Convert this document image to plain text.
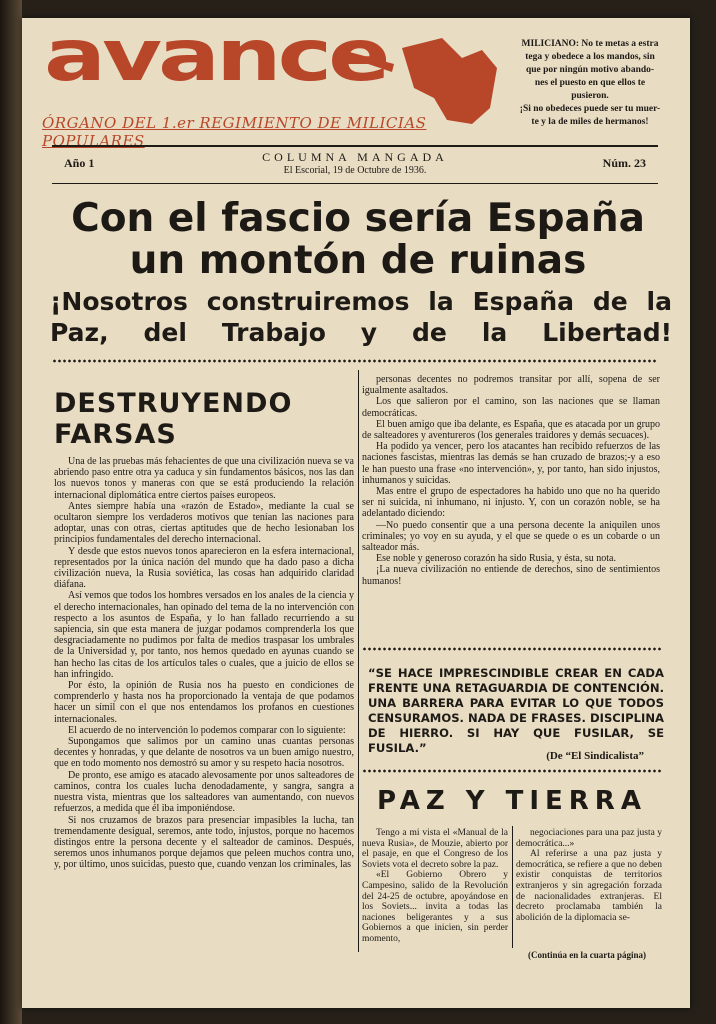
avance
ÓRGANO DEL 1.er REGIMIENTO DE MILICIAS POPULARES
MILICIANO: No te metas a estra
tega y obedece a los mandos, sin
que por ningún motivo abando-
nes el puesto en que ellos te
pusieron.
¡Si no obedeces puede ser tu muer-
te y la de miles de hermanos!
Año 1	COLUMNA MANGADA
El Escorial, 19 de Octubre de 1936.
Núm. 23
Con el fascio sería España
un montón de ruinas
¡Nosotros construiremos la España de la Paz, del Trabajo y de la Libertad!
DESTRUYENDO FARSAS

Una de las pruebas más fehacientes de que una civilización nueva se va abriendo paso entre otra ya caduca y sin fundamentos básicos, nos las dan los nuevos tonos y maneras con que se está produciendo la relación internacional diplomática entre ciertos países europeos.

Antes siempre había una «razón de Estado», mediante la cual se ocultaron siempre los verdaderos motivos que tenían las naciones para adoptar, unas con otras, ciertas aptitudes que de hecho lesionaban los principios fundamentales del derecho internacional.

Y desde que estos nuevos tonos aparecieron en la esfera internacional, representados por la única nación del mundo que ha dado paso a dicha civilización nueva, la Rusia soviética, las cosas han adquirido claridad diáfana.

Así vemos que todos los hombres versados en los anales de la ciencia y el derecho internacionales, han opinado del tema de la no intervención con respecto a los asuntos de España, y lo han fallado recurriendo a su sapiencia, sin que esta manera de juzgar podamos comprenderla los que desgraciadamente no pudimos por falta de medios traspasar los umbrales de la Universidad y, por tanto, nos hemos quedado en ayunas cuando se han hecho las citas de los artículos tales o cuales, que a juicio de ellos se han infringido.

Por ésto, la opinión de Rusia nos ha puesto en condiciones de comprenderlo y hasta nos ha proporcionado la ventaja de que podamos hacer un símil con el que nos entendamos los profanos en cuestiones internacionales.

El acuerdo de no intervención lo podemos comparar con lo siguiente:

Supongamos que salimos por un camino unas cuantas personas decentes y honradas, y que delante de nosotros va un buen amigo nuestro, que en todo momento nos demostró su amor y su respeto hacia nosotros.

De pronto, ese amigo es atacado alevosamente por unos salteadores de caminos, contra los cuales lucha denodadamente, y sangra, sangra a nuestra vista, mientras que los salteadores van aumentando, con nuevos refuerzos, a medida que él iba imponiéndose.

Si nos cruzamos de brazos para presenciar impasibles la lucha, tan tremendamente desigual, seremos, ante todo, injustos, porque no hacemos distingos entre la persona decente y el salteador de caminos. Después, seremos unos inhumanos porque dejamos que peleen muchos contra uno, y, por último, unos suicidas, puesto que, cuando venzan los criminales, las

personas decentes no podremos transitar por allí, sopena de ser igualmente asaltados.

Los que salieron por el camino, son las naciones que se llaman democráticas.

El buen amigo que iba delante, es España, que es atacada por un grupo de salteadores y aventureros (los generales traidores y demás secuaces).

Ha podido ya vencer, pero los atacantes han recibido refuerzos de las naciones fascistas, mientras las demás se han cruzado de brazos;-y a eso le han puesto una frase «no intervención», y, por tanto, han sido injustos, inhumanos y suicidas.

Mas entre el grupo de espectadores ha habido uno que no ha querido ser ni suicida, ni inhumano, ni injusto. Y, con un corazón noble, se ha adelantado diciendo:

—No puedo consentir que a una persona decente la aniquilen unos criminales; yo voy en su ayuda, y el que se quede o es un cobarde o un salteador más.

Ese noble y generoso corazón ha sido Rusia, y ésta, su nota.

¡La nueva civilización no entiende de derechos, sino de sentimientos humanos!

“SE HACE IMPRESCINDIBLE CREAR EN CADA FRENTE UNA RETAGUARDIA DE CONTENCIÓN. UNA BARRERA PARA EVITAR LO QUE TODOS CENSURAMOS. NADA DE FRASES. DISCIPLINA DE HIERRO. SI HAY QUE FUSILAR, SE FUSILA.”
(De “El Sindicalista”
PAZ Y TIERRA

Tengo a mi vista el «Manual de la nueva Rusia», de Mouzie, abierto por el pasaje, en que el Congreso de los Soviets vota el decreto sobre la paz.

«El Gobierno Obrero y Campesino, salido de la Revolución del 24-25 de octubre, apoyándose en los Soviets... invita a todas las naciones beligerantes y a sus Gobiernos a que inicien, sin perder momento,

negociaciones para una paz justa y democrática...»

Al referirse a una paz justa y democrática, se refiere a que no deben existir conquistas de territorios extranjeros y sin agregación forzada de nacionalidades extranjeras. El decreto proclamaba también la abolición de la diplomacia se-

(Continúa en la cuarta página)
